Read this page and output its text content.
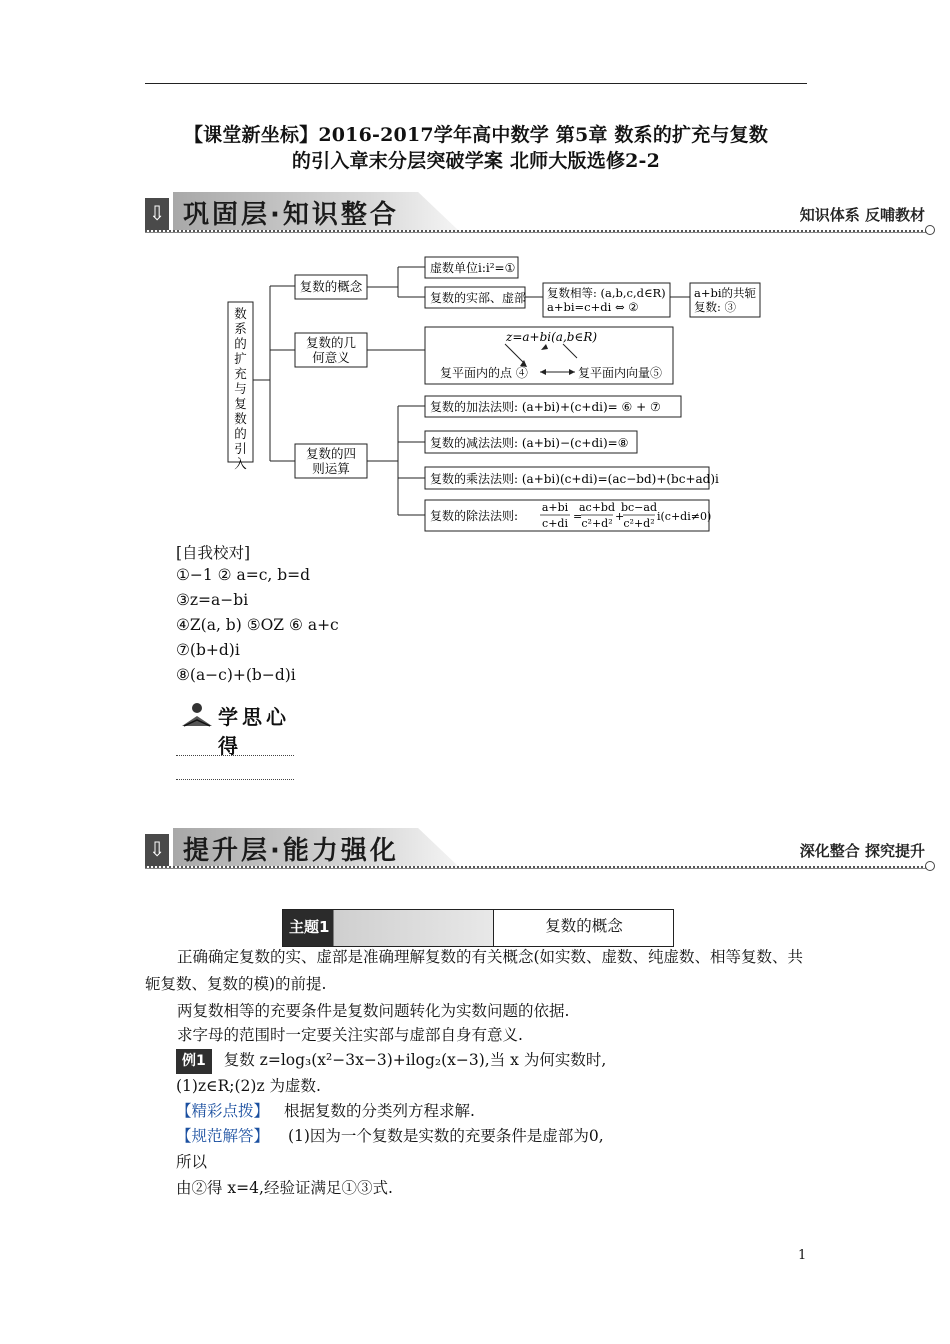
【课堂新坐标】2016-2017学年高中数学 第5章 数系的扩充与复数
的引入章末分层突破学案 北师大版选修2-2
⇩ 巩固层·知识整合	知识体系 反哺教材
数
系
的
扩
充
与
复
数
的
引
入
复数的概念
复数的几
何意义
复数的四
则运算
虚数单位i:i²=①
复数的实部、虚部 复数相等: (a,b,c,d∈R)
a+bi=c+di ⇔ ②
a+bi的共轭
复数: ③
z=a+bi(a,b∈R)
复平面内的点 ④	复平面内向量⑤
复数的加法法则: (a+bi)+(c+di)= ⑥ + ⑦
复数的减法法则: (a+bi)−(c+di)=⑧
复数的乘法法则: (a+bi)(c+di)=(ac−bd)+(bc+ad)i
复数的除法法则:
a+bi
c+di
=
ac+bd
c²+d²
+
bc−ad
c²+d²
i(c+di≠0)
[自我校对]
①−1 ② a=c, b=d
③z=a−bi
④Z(a, b) ⑤OZ ⑥ a+c
⑦(b+d)i
⑧(a−c)+(b−d)i
学思心得
⇩ 提升层·能力强化	深化整合 探究提升
主题1	复数的概念
正确确定复数的实、虚部是准确理解复数的有关概念(如实数、虚数、纯虚数、相等复数、共轭复数、复数的模)的前提.
两复数相等的充要条件是复数问题转化为实数问题的依据.
求字母的范围时一定要关注实部与虚部自身有意义.
例1 复数 z=log₃(x²−3x−3)+ilog₂(x−3),当 x 为何实数时,
(1)z∈R;(2)z 为虚数.
【精彩点拨】 根据复数的分类列方程求解.
【规范解答】 (1)因为一个复数是实数的充要条件是虚部为0,
所以
由②得 x=4,经验证满足①③式.
1
